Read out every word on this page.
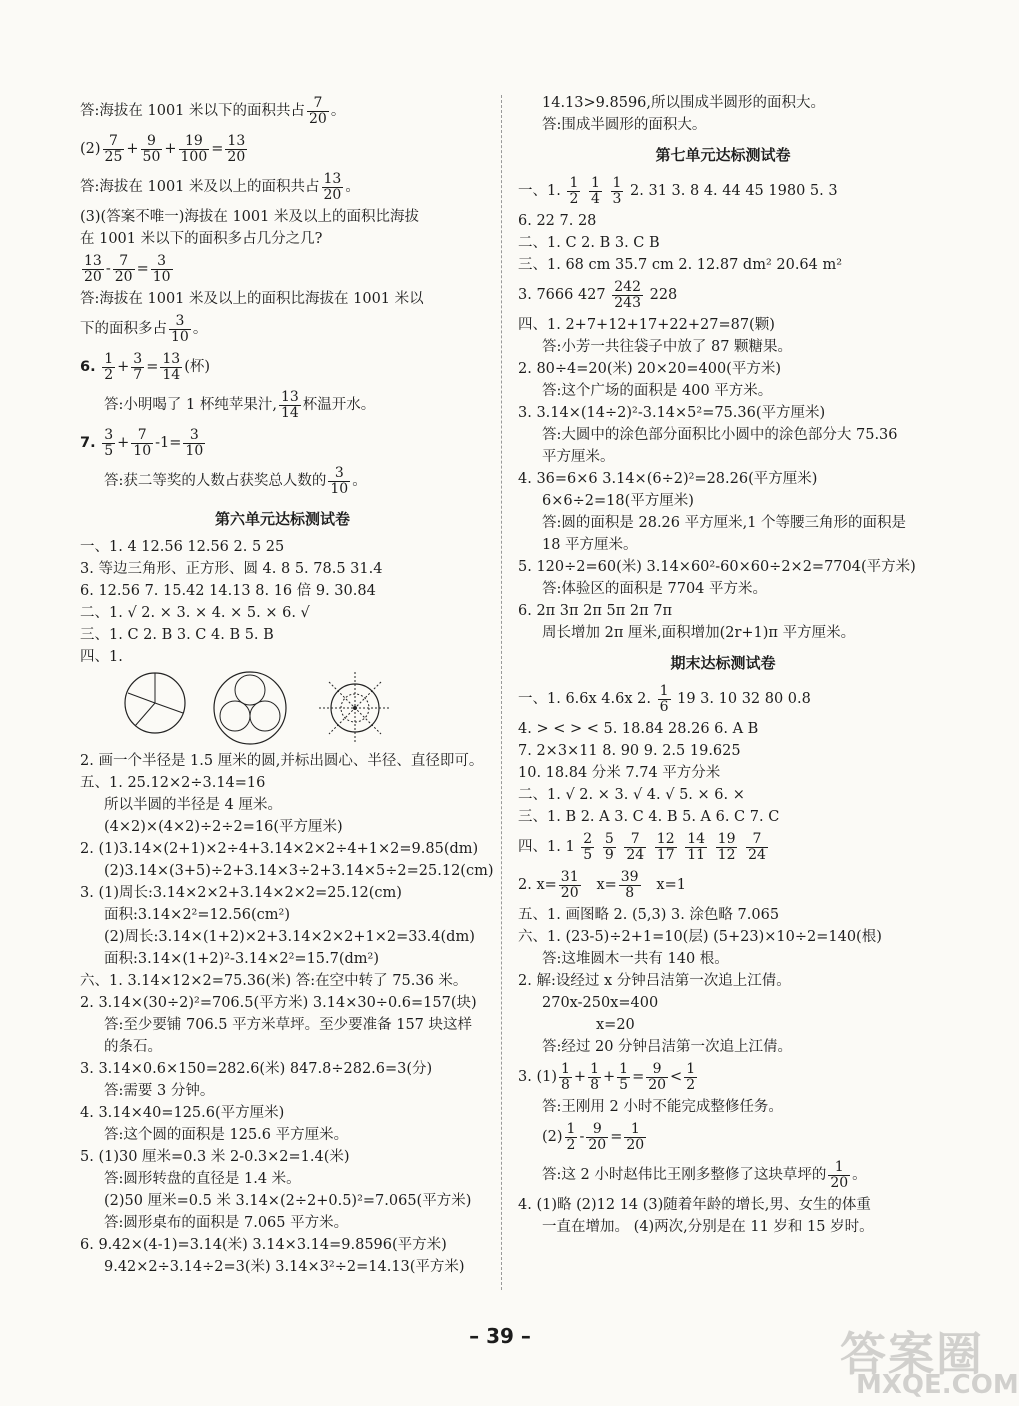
答:海拔在 1001 米以下的面积共占 $\frac{7}{20}$ 。
$(2) \frac{7}{25} + \frac{9}{50} + \frac{19}{100} = \frac{13}{20}$
答:海拔在 1001 米及以上的面积共占 $\frac{13}{20}$ 。
(3)(答案不唯一)海拔在 1001 米及以上的面积比海拔
在 1001 米以下的面积多占几分之几?
$\frac{13}{20} - \frac{7}{20} = \frac{3}{10}$
答:海拔在 1001 米及以上的面积比海拔在 1001 米以
下的面积多占 $\frac{3}{10}$ 。
6. $\frac{1}{2} + \frac{3}{7} = \frac{13}{14}$ (杯)
答:小明喝了 1 杯纯苹果汁, $\frac{13}{14}$ 杯温开水。
7. $\frac{3}{5} + \frac{7}{10} -1= \frac{3}{10}$
答:获二等奖的人数占获奖总人数的 $\frac{3}{10}$ 。
第六单元达标测试卷
一、1. 4 12.56 12.56 2. 5 25
3. 等边三角形、正方形、圆 4. 8 5. 78.5 31.4
6. 12.56 7. 15.42 14.13 8. 16 倍 9. 30.84
二、1. √ 2. × 3. × 4. × 5. × 6. √
三、1. C 2. B 3. C 4. B 5. B
四、1.
2. 画一个半径是 1.5 厘米的圆,并标出圆心、半径、直径即可。
五、1. 25.12×2÷3.14=16
所以半圆的半径是 4 厘米。
(4×2)×(4×2)÷2÷2=16(平方厘米)
2. (1)3.14×(2+1)×2÷4+3.14×2×2÷4+1×2=9.85(dm)
(2)3.14×(3+5)÷2+3.14×3÷2+3.14×5÷2=25.12(cm)
3. (1)周长:3.14×2×2+3.14×2×2=25.12(cm)
面积:3.14×2²=12.56(cm²)
(2)周长:3.14×(1+2)×2+3.14×2×2+1×2=33.4(dm)
面积:3.14×(1+2)²-3.14×2²=15.7(dm²)
六、1. 3.14×12×2=75.36(米) 答:在空中转了 75.36 米。
2. 3.14×(30÷2)²=706.5(平方米) 3.14×30÷0.6=157(块)
答:至少要铺 706.5 平方米草坪。至少要准备 157 块这样
的条石。
3. 3.14×0.6×150=282.6(米) 847.8÷282.6=3(分)
答:需要 3 分钟。
4. 3.14×40=125.6(平方厘米)
答:这个圆的面积是 125.6 平方厘米。
5. (1)30 厘米=0.3 米 2-0.3×2=1.4(米)
答:圆形转盘的直径是 1.4 米。
(2)50 厘米=0.5 米 3.14×(2÷2+0.5)²=7.065(平方米)
答:圆形桌布的面积是 7.065 平方米。
6. 9.42×(4-1)=3.14(米) 3.14×3.14=9.8596(平方米)
9.42×2÷3.14÷2=3(米) 3.14×3²÷2=14.13(平方米)
14.13>9.8596,所以围成半圆形的面积大。
答:围成半圆形的面积大。
第七单元达标测试卷
一、1. $\frac{1}{2}$
$\frac{1}{4}$
$\frac{1}{3} 2$. 31 3. 8 4. 44 45 1980 5. 3
6. 22 7. 28
二、1. C 2. B 3. C B
三、1. 68 cm 35.7 cm 2. 12.87 dm² 20.64 m²
3. 7666 $427 \frac{242}{243} 228$
四、1. 2+7+12+17+22+27=87(颗)
答:小芳一共往袋子中放了 87 颗糖果。
2. 80÷4=20(米) 20×20=400(平方米)
答:这个广场的面积是 400 平方米。
3. 3.14×(14÷2)²-3.14×5²=75.36(平方厘米)
答:大圆中的涂色部分面积比小圆中的涂色部分大 75.36
平方厘米。
4. 36=6×6 3.14×(6÷2)²=28.26(平方厘米)
6×6÷2=18(平方厘米)
答:圆的面积是 28.26 平方厘米,1 个等腰三角形的面积是
18 平方厘米。
5. 120÷2=60(米) 3.14×60²-60×60÷2×2=7704(平方米)
答:体验区的面积是 7704 平方米。
6. 2π 3π 2π 5π 2π 7π
周长增加 2π 厘米,面积增加(2r+1)π 平方厘米。
期末达标测试卷
一、1. 6.6x 4.6x 2. $\frac{1}{6} 19$ 3. 10 32 80 0.8
4. > < > < 5. 18.84 28.26 6. A B
7. 2×3×11 8. 90 9. 2.5 19.625
10. 18.84 分米 7.74 平方分米
二、1. √ 2. × 3. √ 4. √ 5. × 6. ×
三、1. B 2. A 3. C 4. B 5. A 6. C 7. C
四、1. $1 \frac{2}{5}$
$\frac{5}{9}$
$\frac{7}{24}$
$\frac{12}{17}$
$\frac{14}{11}$
$\frac{19}{12}$
$\frac{7}{24}$
2. $x= \frac{31}{20} x= \frac{39}{8} x=1$
五、1. 画图略 2. (5,3) 3. 涂色略 7.065
六、1. (23-5)÷2+1=10(层) (5+23)×10÷2=140(根)
答:这堆圆木一共有 140 根。
2. 解:设经过 x 分钟吕洁第一次追上江倩。
270x-250x=400
x=20
答:经过 20 分钟吕洁第一次追上江倩。
3. $(1) \frac{1}{8} + \frac{1}{8} + \frac{1}{5} = \frac{9}{20} < \frac{1}{2}$
答:王刚用 2 小时不能完成整修任务。
$(2) \frac{1}{2} - \frac{9}{20} = \frac{1}{20}$
答:这 2 小时赵伟比王刚多整修了这块草坪的 $\frac{1}{20}$ 。
4. (1)略 (2)12 14 (3)随着年龄的增长,男、女生的体重
一直在增加。 (4)两次,分别是在 11 岁和 15 岁时。
– 39 –	答案圈
MXQE.COM
